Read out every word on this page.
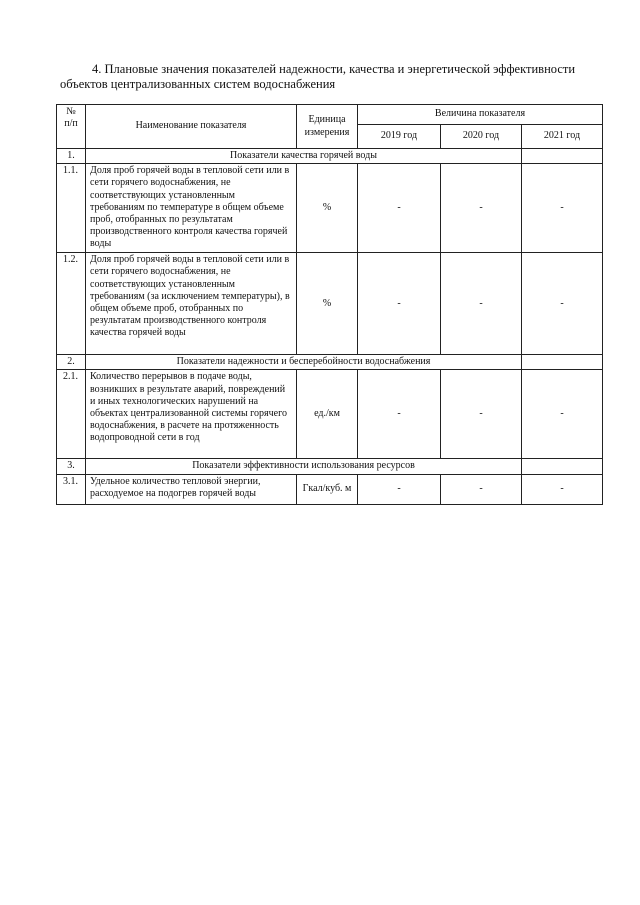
4. Плановые значения показателей надежности, качества и энергетической эффективности
объектов централизованных систем водоснабжения
№ п/п	Наименование показателя	Единица измерения	Величина показателя		
			2019 год	2020 год	2021 год
1.	Показатели качества горячей воды				
1.1.	Доля проб горячей воды в тепловой сети или в сети горячего водоснабжения, не соответствующих установленным требованиям по температуре в общем объеме проб, отобранных по результатам производственного контроля качества горячей воды	%	-	-	-
1.2.	Доля проб горячей воды в тепловой сети или в сети горячего водоснабжения, не соответствующих установленным требованиям (за исключением температуры), в общем объеме проб, отобранных по результатам производственного контроля качества горячей воды	%	-	-	-
2.	Показатели надежности и бесперебойности водоснабжения				
2.1.	Количество перерывов в подаче воды, возникших в результате аварий, повреждений и иных технологических нарушений на объектах централизованной системы горячего водоснабжения, в расчете на протяженность водопроводной сети в год	ед./км	-	-	-
3.	Показатели эффективности использования ресурсов				
3.1.	Удельное количество тепловой энергии, расходуемое на подогрев горячей воды	Гкал/куб. м	-	-	-
